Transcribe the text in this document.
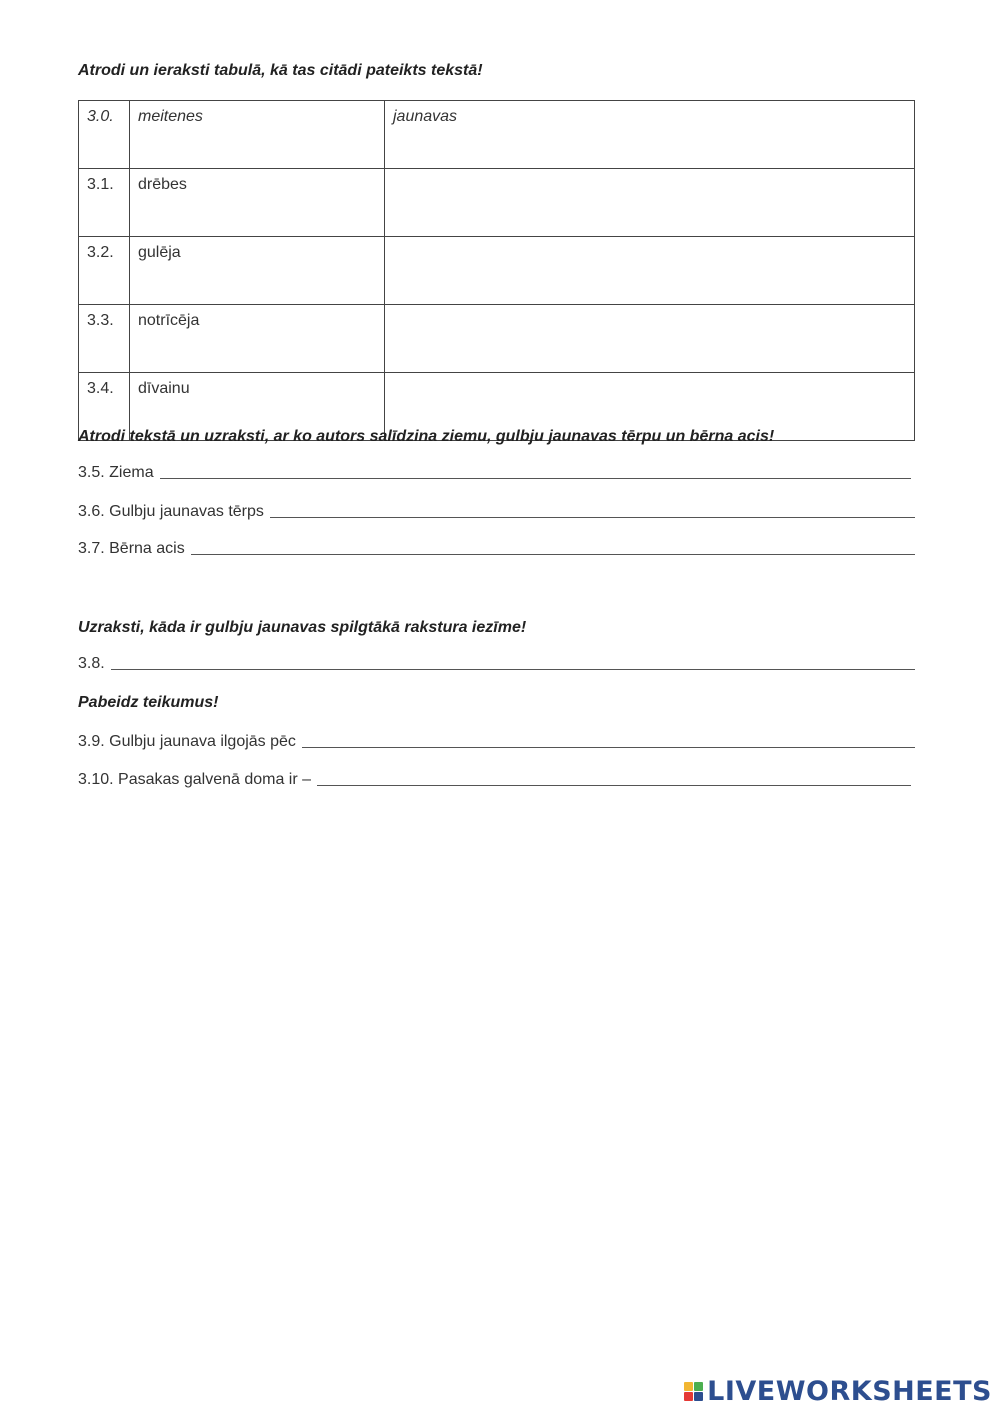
Atrodi un ieraksti tabulā, kā tas citādi pateikts tekstā!
3.0.	meitenes	jaunavas
3.1.	drēbes	
3.2.	gulēja	
3.3.	notrīcēja	
3.4.	dīvainu	
Atrodi tekstā un uzraksti, ar ko autors salīdzina ziemu, gulbju jaunavas tērpu un bērna acis!
3.5. Ziema
3.6. Gulbju jaunavas tērps
3.7. Bērna acis
Uzraksti, kāda ir gulbju jaunavas spilgtākā rakstura iezīme!
3.8.
Pabeidz teikumus!
3.9. Gulbju jaunava ilgojās pēc
3.10. Pasakas galvenā doma ir –
LIVEWORKSHEETS
